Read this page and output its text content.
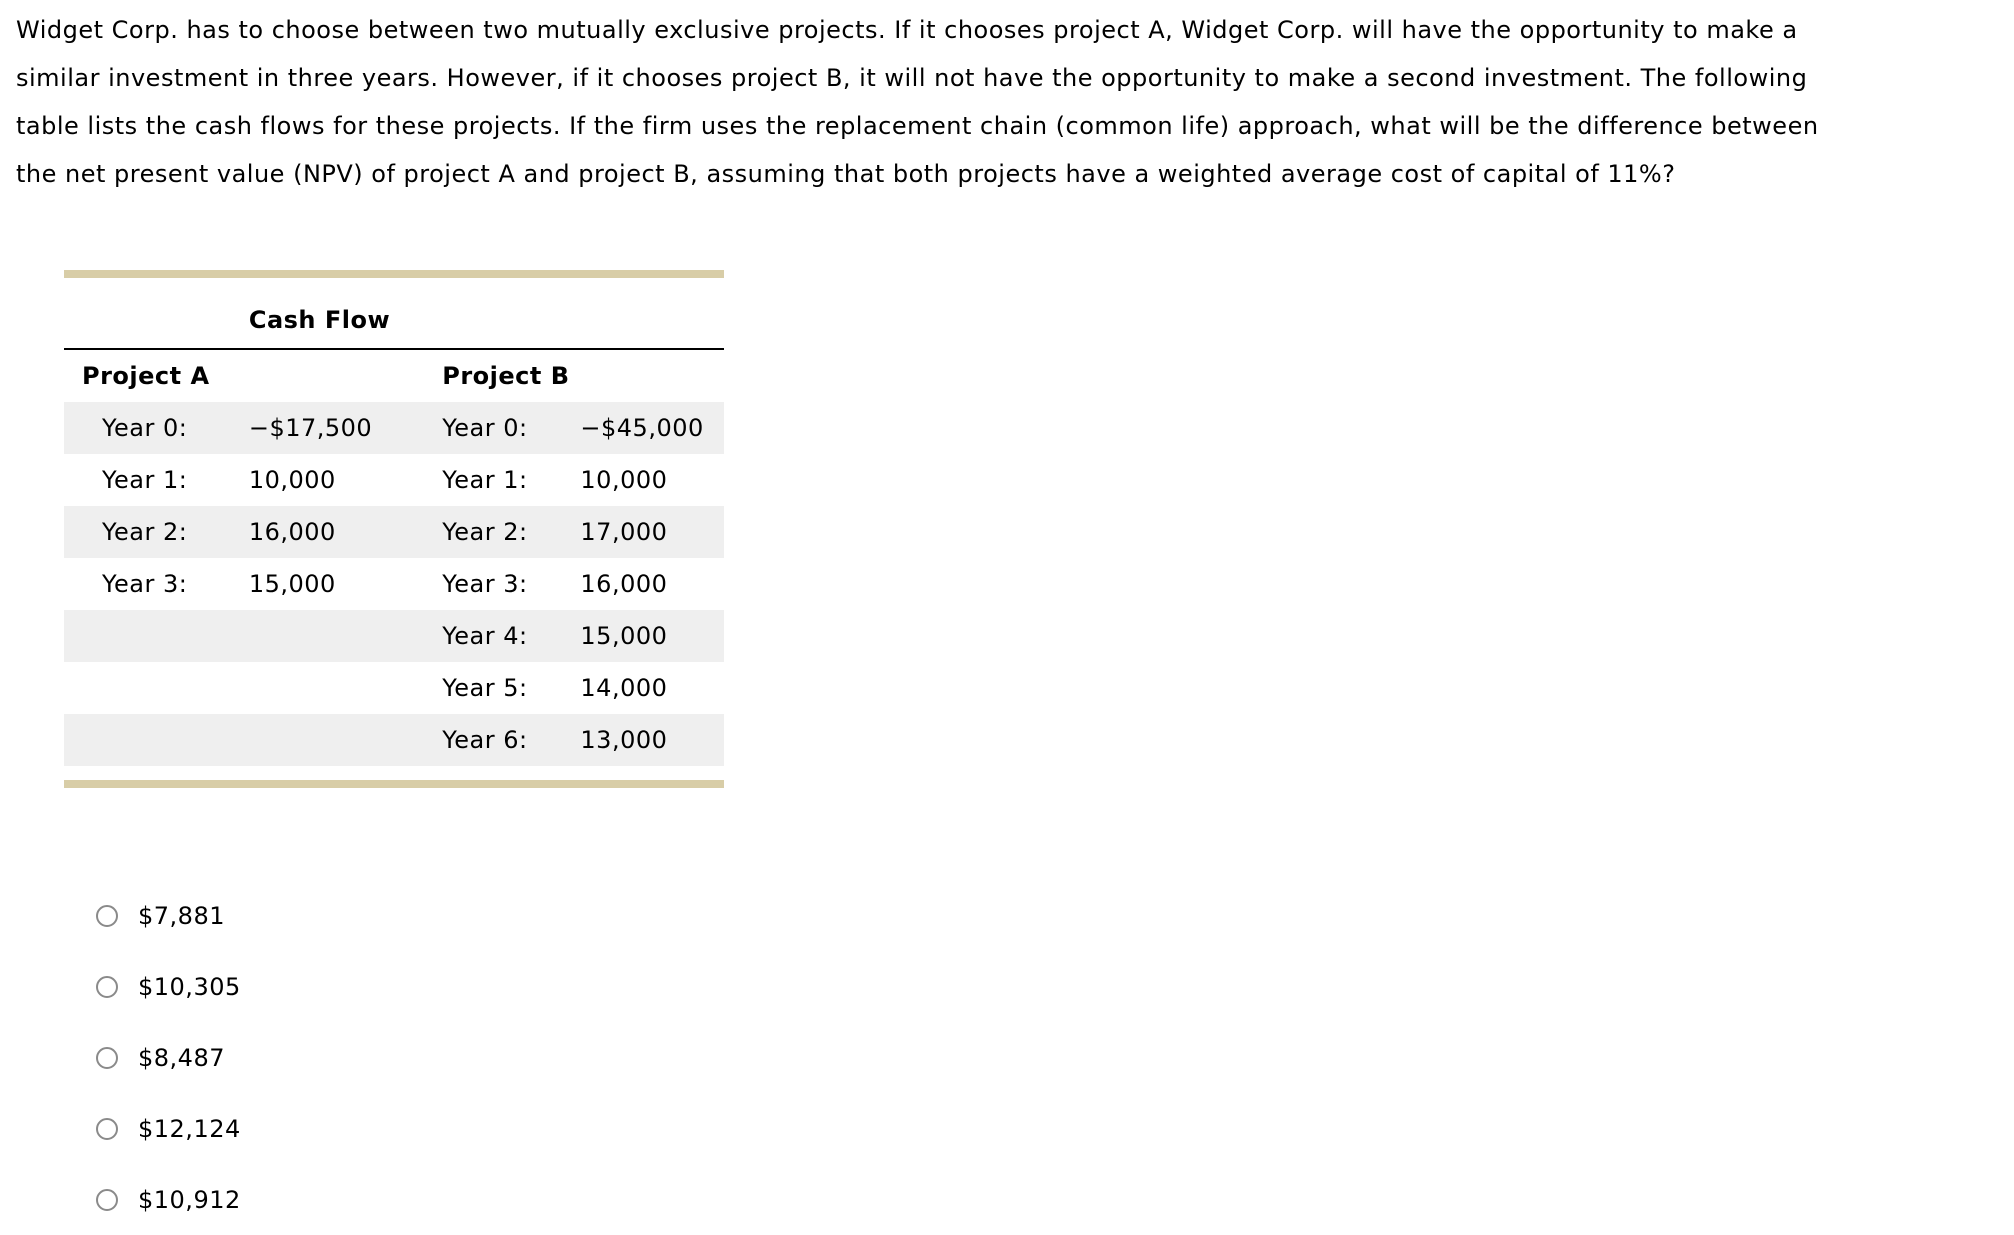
Widget Corp. has to choose between two mutually exclusive projects. If it chooses project A, Widget Corp. will have the opportunity to make a similar investment in three years. However, if it chooses project B, it will not have the opportunity to make a second investment. The following table lists the cash flows for these projects. If the firm uses the replacement chain (common life) approach, what will be the difference between the net present value (NPV) of project A and project B, assuming that both projects have a weighted average cost of capital of 11%?

	Cash Flow		
Project A		Project B	
Year 0:	−$17,500	Year 0:	−$45,000
Year 1:	10,000	Year 1:	10,000
Year 2:	16,000	Year 2:	17,000
Year 3:	15,000	Year 3:	16,000
		Year 4:	15,000
		Year 5:	14,000
		Year 6:	13,000

$7,881
$10,305
$8,487
$12,124
$10,912
